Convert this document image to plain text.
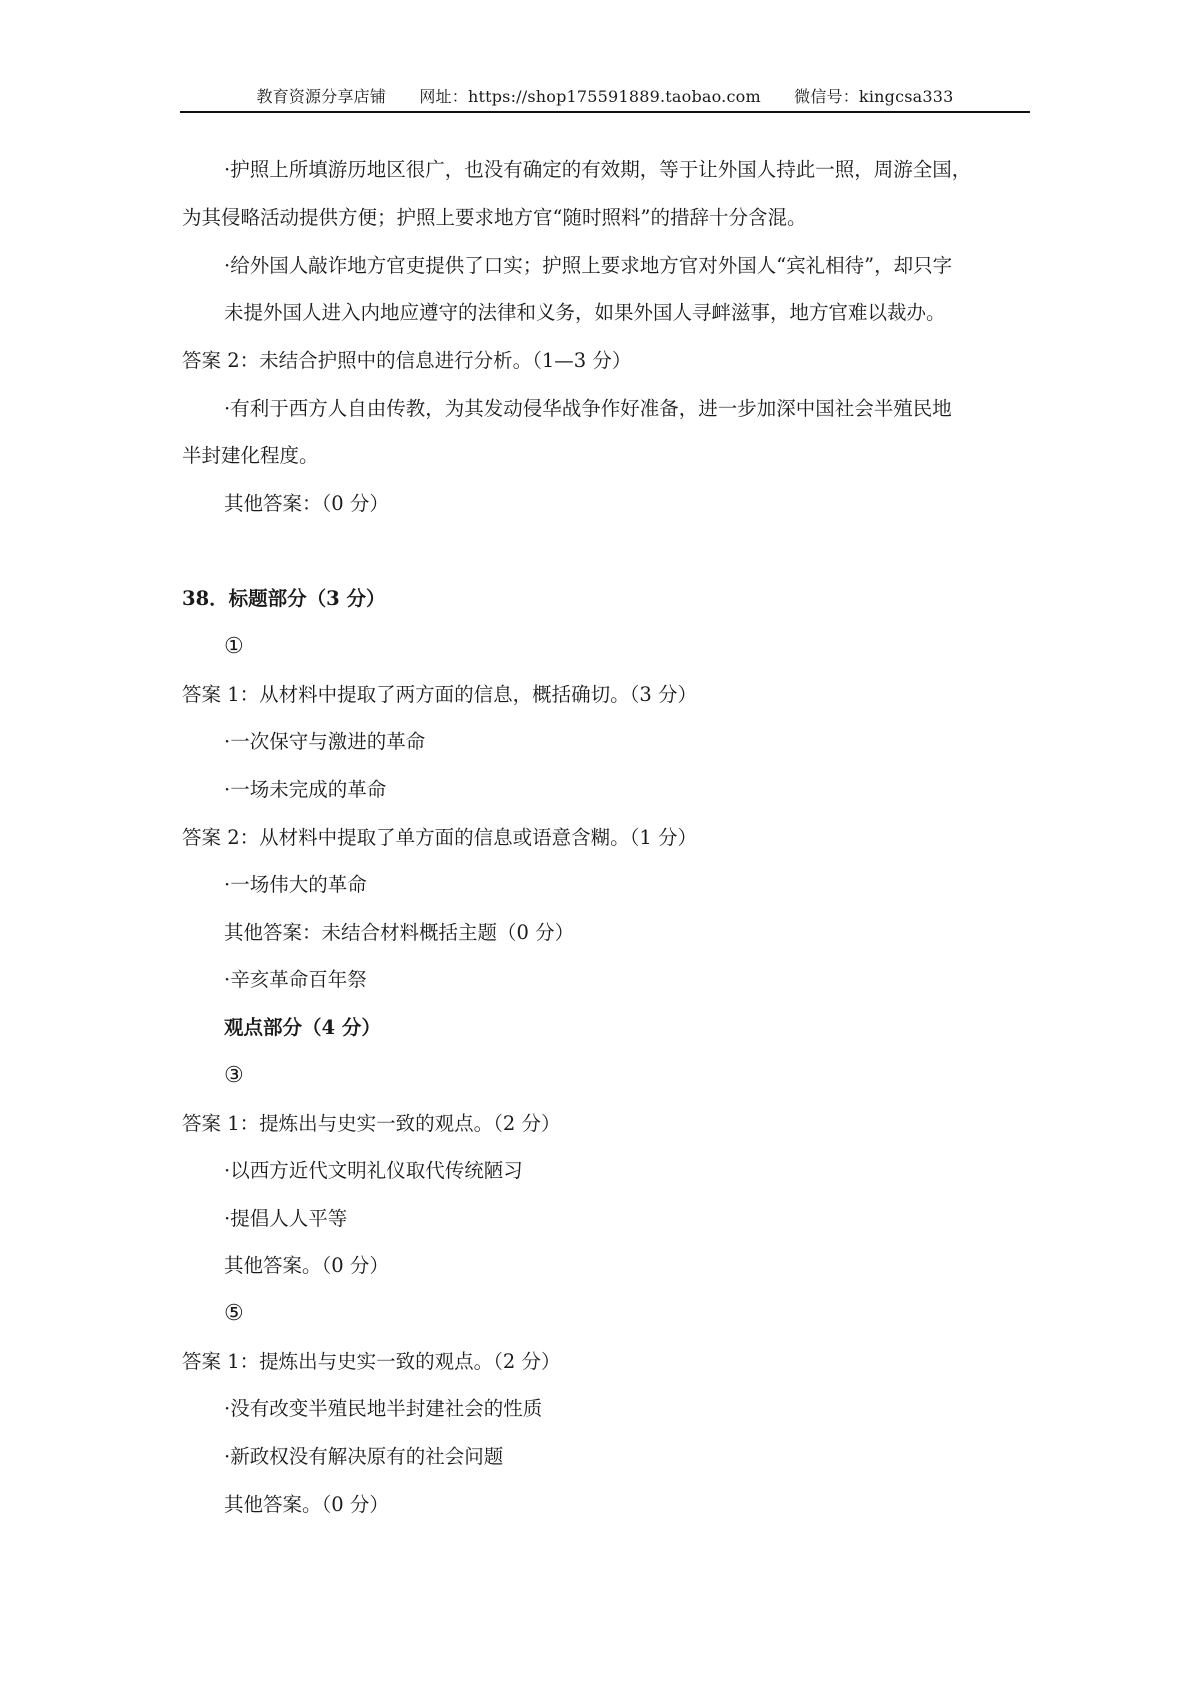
教育资源分享店铺 网址：https://shop175591889.taobao.com 微信号：kingcsa333
·护照上所填游历地区很广，也没有确定的有效期，等于让外国人持此一照，周游全国，
为其侵略活动提供方便；护照上要求地方官“随时照料”的措辞十分含混。
·给外国人敲诈地方官吏提供了口实；护照上要求地方官对外国人“宾礼相待”，却只字
未提外国人进入内地应遵守的法律和义务，如果外国人寻衅滋事，地方官难以裁办。
答案 2：未结合护照中的信息进行分析。（1—3 分）
·有利于西方人自由传教，为其发动侵华战争作好准备，进一步加深中国社会半殖民地
半封建化程度。
其他答案：（0 分）
38．标题部分（3 分）
①
答案 1：从材料中提取了两方面的信息，概括确切。（3 分）
·一次保守与激进的革命
·一场未完成的革命
答案 2：从材料中提取了单方面的信息或语意含糊。（1 分）
·一场伟大的革命
其他答案：未结合材料概括主题（0 分）
·辛亥革命百年祭
观点部分（4 分）
③
答案 1：提炼出与史实一致的观点。（2 分）
·以西方近代文明礼仪取代传统陋习
·提倡人人平等
其他答案。（0 分）
⑤
答案 1：提炼出与史实一致的观点。（2 分）
·没有改变半殖民地半封建社会的性质
·新政权没有解决原有的社会问题
其他答案。（0 分）
